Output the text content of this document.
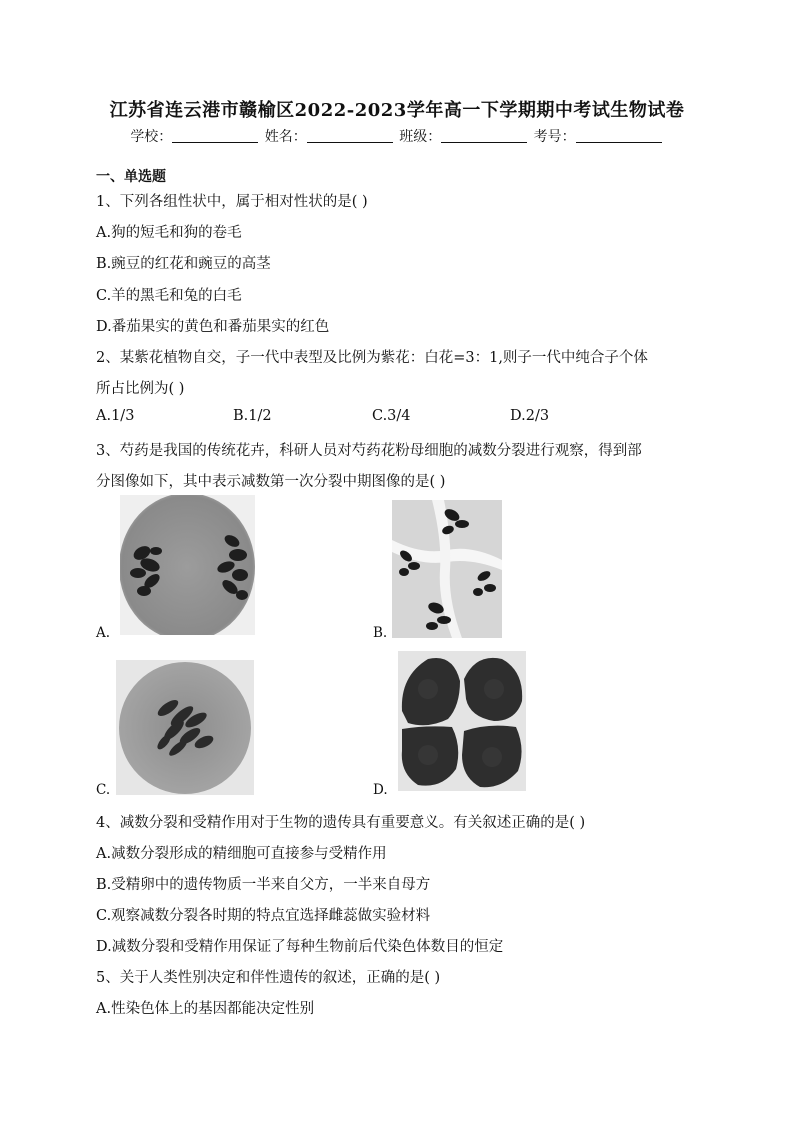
江苏省连云港市赣榆区2022-2023学年高一下学期期中考试生物试卷
学校：	姓名：	班级：	考号：
一、单选题
1、下列各组性状中，属于相对性状的是( )
A.狗的短毛和狗的卷毛
B.豌豆的红花和豌豆的高茎
C.羊的黑毛和兔的白毛
D.番茄果实的黄色和番茄果实的红色
2、某紫花植物自交，子一代中表型及比例为紫花：白花=3：1,则子一代中纯合子个体
所占比例为( )
A.1/3	B.1/2	C.3/4	D.2/3
3、芍药是我国的传统花卉，科研人员对芍药花粉母细胞的减数分裂进行观察，得到部
分图像如下，其中表示减数第一次分裂中期图像的是( )
A.	B.
C.	D.
4、减数分裂和受精作用对于生物的遗传具有重要意义。有关叙述正确的是( )
A.减数分裂形成的精细胞可直接参与受精作用
B.受精卵中的遗传物质一半来自父方，一半来自母方
C.观察减数分裂各时期的特点宜选择雌蕊做实验材料
D.减数分裂和受精作用保证了每种生物前后代染色体数目的恒定
5、关于人类性别决定和伴性遗传的叙述，正确的是( )
A.性染色体上的基因都能决定性别
